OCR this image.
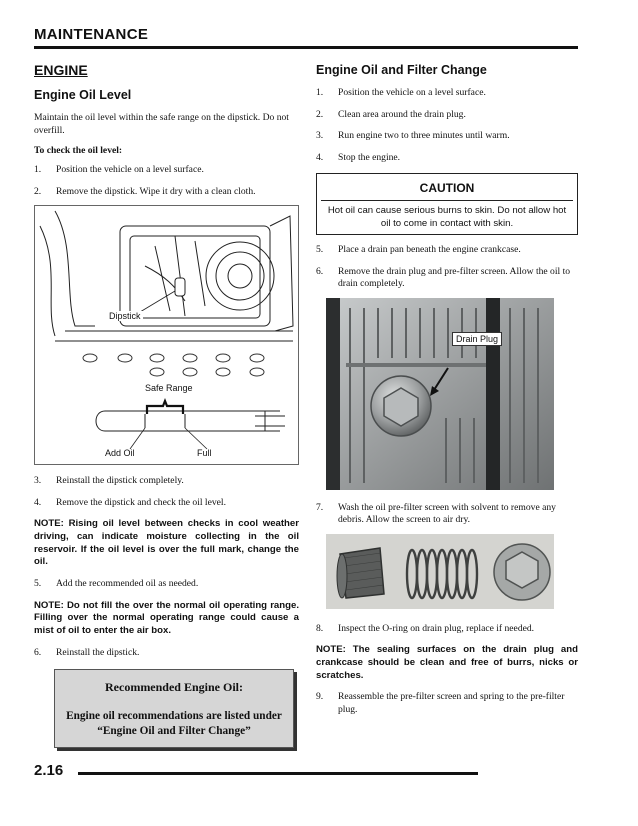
MAINTENANCE
ENGINE
Engine Oil Level

Maintain the oil level within the safe range on the dipstick. Do not overfill.

To check the oil level:

1. Position the vehicle on a level surface.
2. Remove the dipstick. Wipe it dry with a clean cloth.
Dipstick
Safe Range
Add Oil	Full
3. Reinstall the dipstick completely.
4. Remove the dipstick and check the oil level.

NOTE: Rising oil level between checks in cool weather driving, can indicate moisture collecting in the oil reservoir. If the oil level is over the full mark, change the oil.

5. Add the recommended oil as needed.

NOTE: Do not fill the over the normal oil operating range. Filling over the normal operating range could cause a mist of oil to enter the air box.

6. Reinstall the dipstick.
Recommended Engine Oil:
Engine oil recommendations are listed under “Engine Oil and Filter Change”
Engine Oil and Filter Change
1. Position the vehicle on a level surface.
2. Clean area around the drain plug.
3. Run engine two to three minutes until warm.
4. Stop the engine.
CAUTION
Hot oil can cause serious burns to skin. Do not allow hot oil to come in contact with skin.
5. Place a drain pan beneath the engine crankcase.
6. Remove the drain plug and pre-filter screen. Allow the oil to drain completely.
Drain Plug
7. Wash the oil pre-filter screen with solvent to remove any debris. Allow the screen to air dry.
8. Inspect the O-ring on drain plug, replace if needed.

NOTE: The sealing surfaces on the drain plug and crankcase should be clean and free of burrs, nicks or scratches.

9. Reassemble the pre-filter screen and spring to the pre-filter plug.
2.16
